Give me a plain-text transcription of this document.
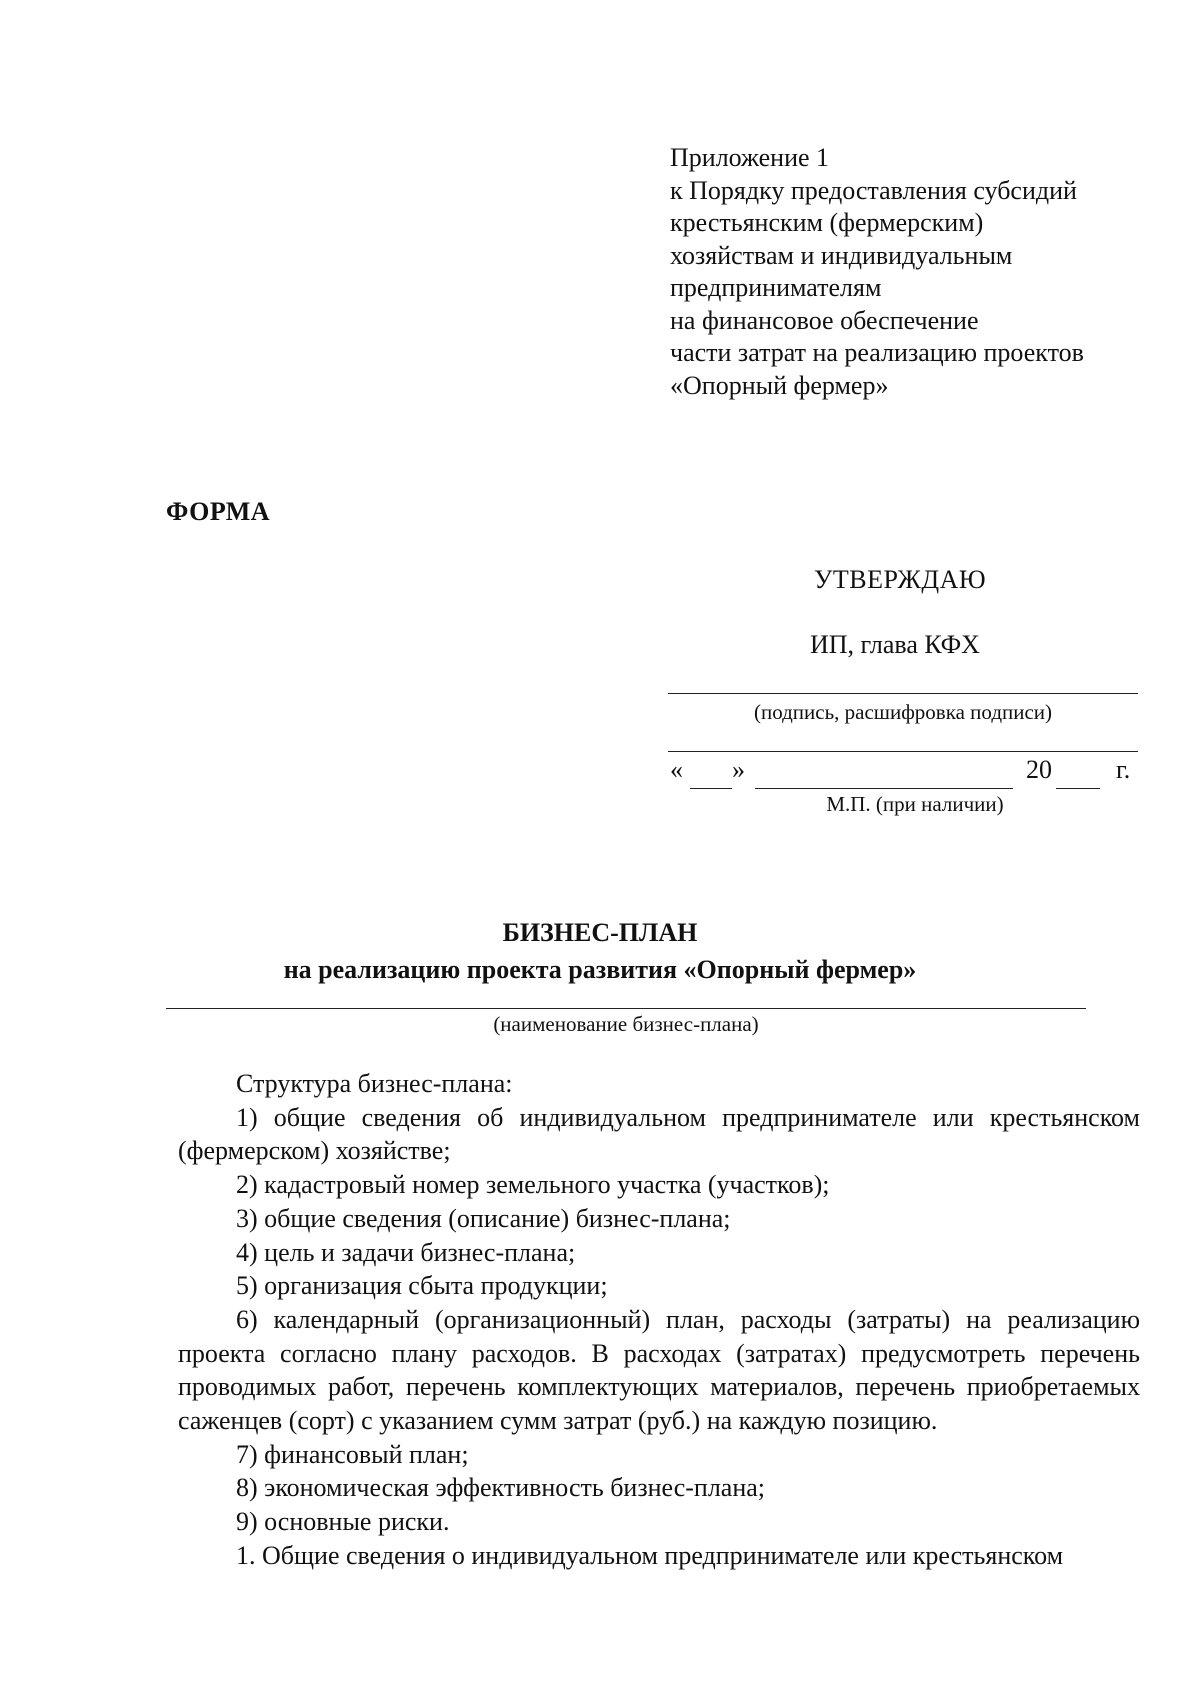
Приложение 1
к Порядку предоставления субсидий
крестьянским (фермерским)
хозяйствам и индивидуальным
предпринимателям
на финансовое обеспечение
части затрат на реализацию проектов
«Опорный фермер»
ФОРМА
УТВЕРЖДАЮ
ИП, глава КФХ
(подпись, расшифровка подписи)
« »	20 г.
М.П. (при наличии)
БИЗНЕС-ПЛАН
на реализацию проекта развития «Опорный фермер»
(наименование бизнес-плана)

Структура бизнес-плана:

1) общие сведения об индивидуальном предпринимателе или крестьянском (фермерском) хозяйстве;

2) кадастровый номер земельного участка (участков);

3) общие сведения (описание) бизнес-плана;

4) цель и задачи бизнес-плана;

5) организация сбыта продукции;

6) календарный (организационный) план, расходы (затраты) на реализацию проекта согласно плану расходов. В расходах (затратах) предусмотреть перечень проводимых работ, перечень комплектующих материалов, перечень приобретаемых саженцев (сорт) с указанием сумм затрат (руб.) на каждую позицию.

7) финансовый план;

8) экономическая эффективность бизнес-плана;

9) основные риски.

1. Общие сведения о индивидуальном предпринимателе или крестьянском
